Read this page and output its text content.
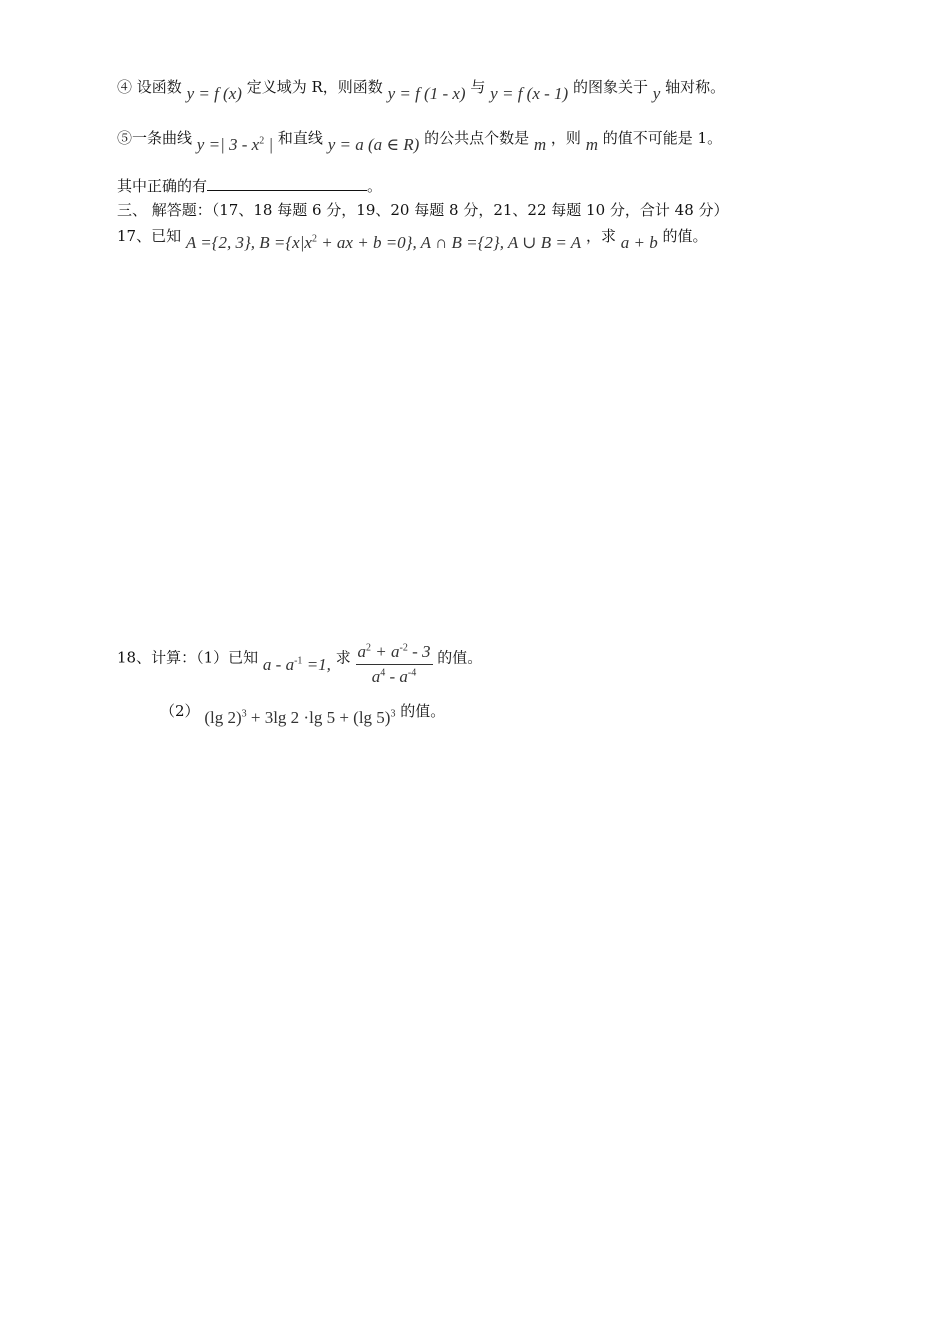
④ 设函数 y = f (x) 定义域为 R，则函数 y = f (1 - x) 与 y = f (x - 1) 的图象关于 y 轴对称。
⑤一条曲线 y =| $3 - x^2$ | 和直线 y = a (a ∈ R) 的公共点个数是 m ，则 m 的值不可能是 1。
其中正确的有	。
三、 解答题：（17、18 每题 6 分，19、20 每题 8 分，21、22 每题 10 分，合计 48 分）
17、已知 A ={2, 3}, $B =\{x|x^2$ + ax + b =0}, A ∩ B ={2}, A ∪ B = A ，求 a + b 的值。
18、计算：（1）已知 $a - a^{-1} =1$, 求 $\frac{a^2 + a^{-2} - 3}{a^4 - a^{-4}}$ 的值。
（2） (lg 2)$^3$ + 3lg 2 ·lg 5 + (lg 5)$^3$ 的值。
